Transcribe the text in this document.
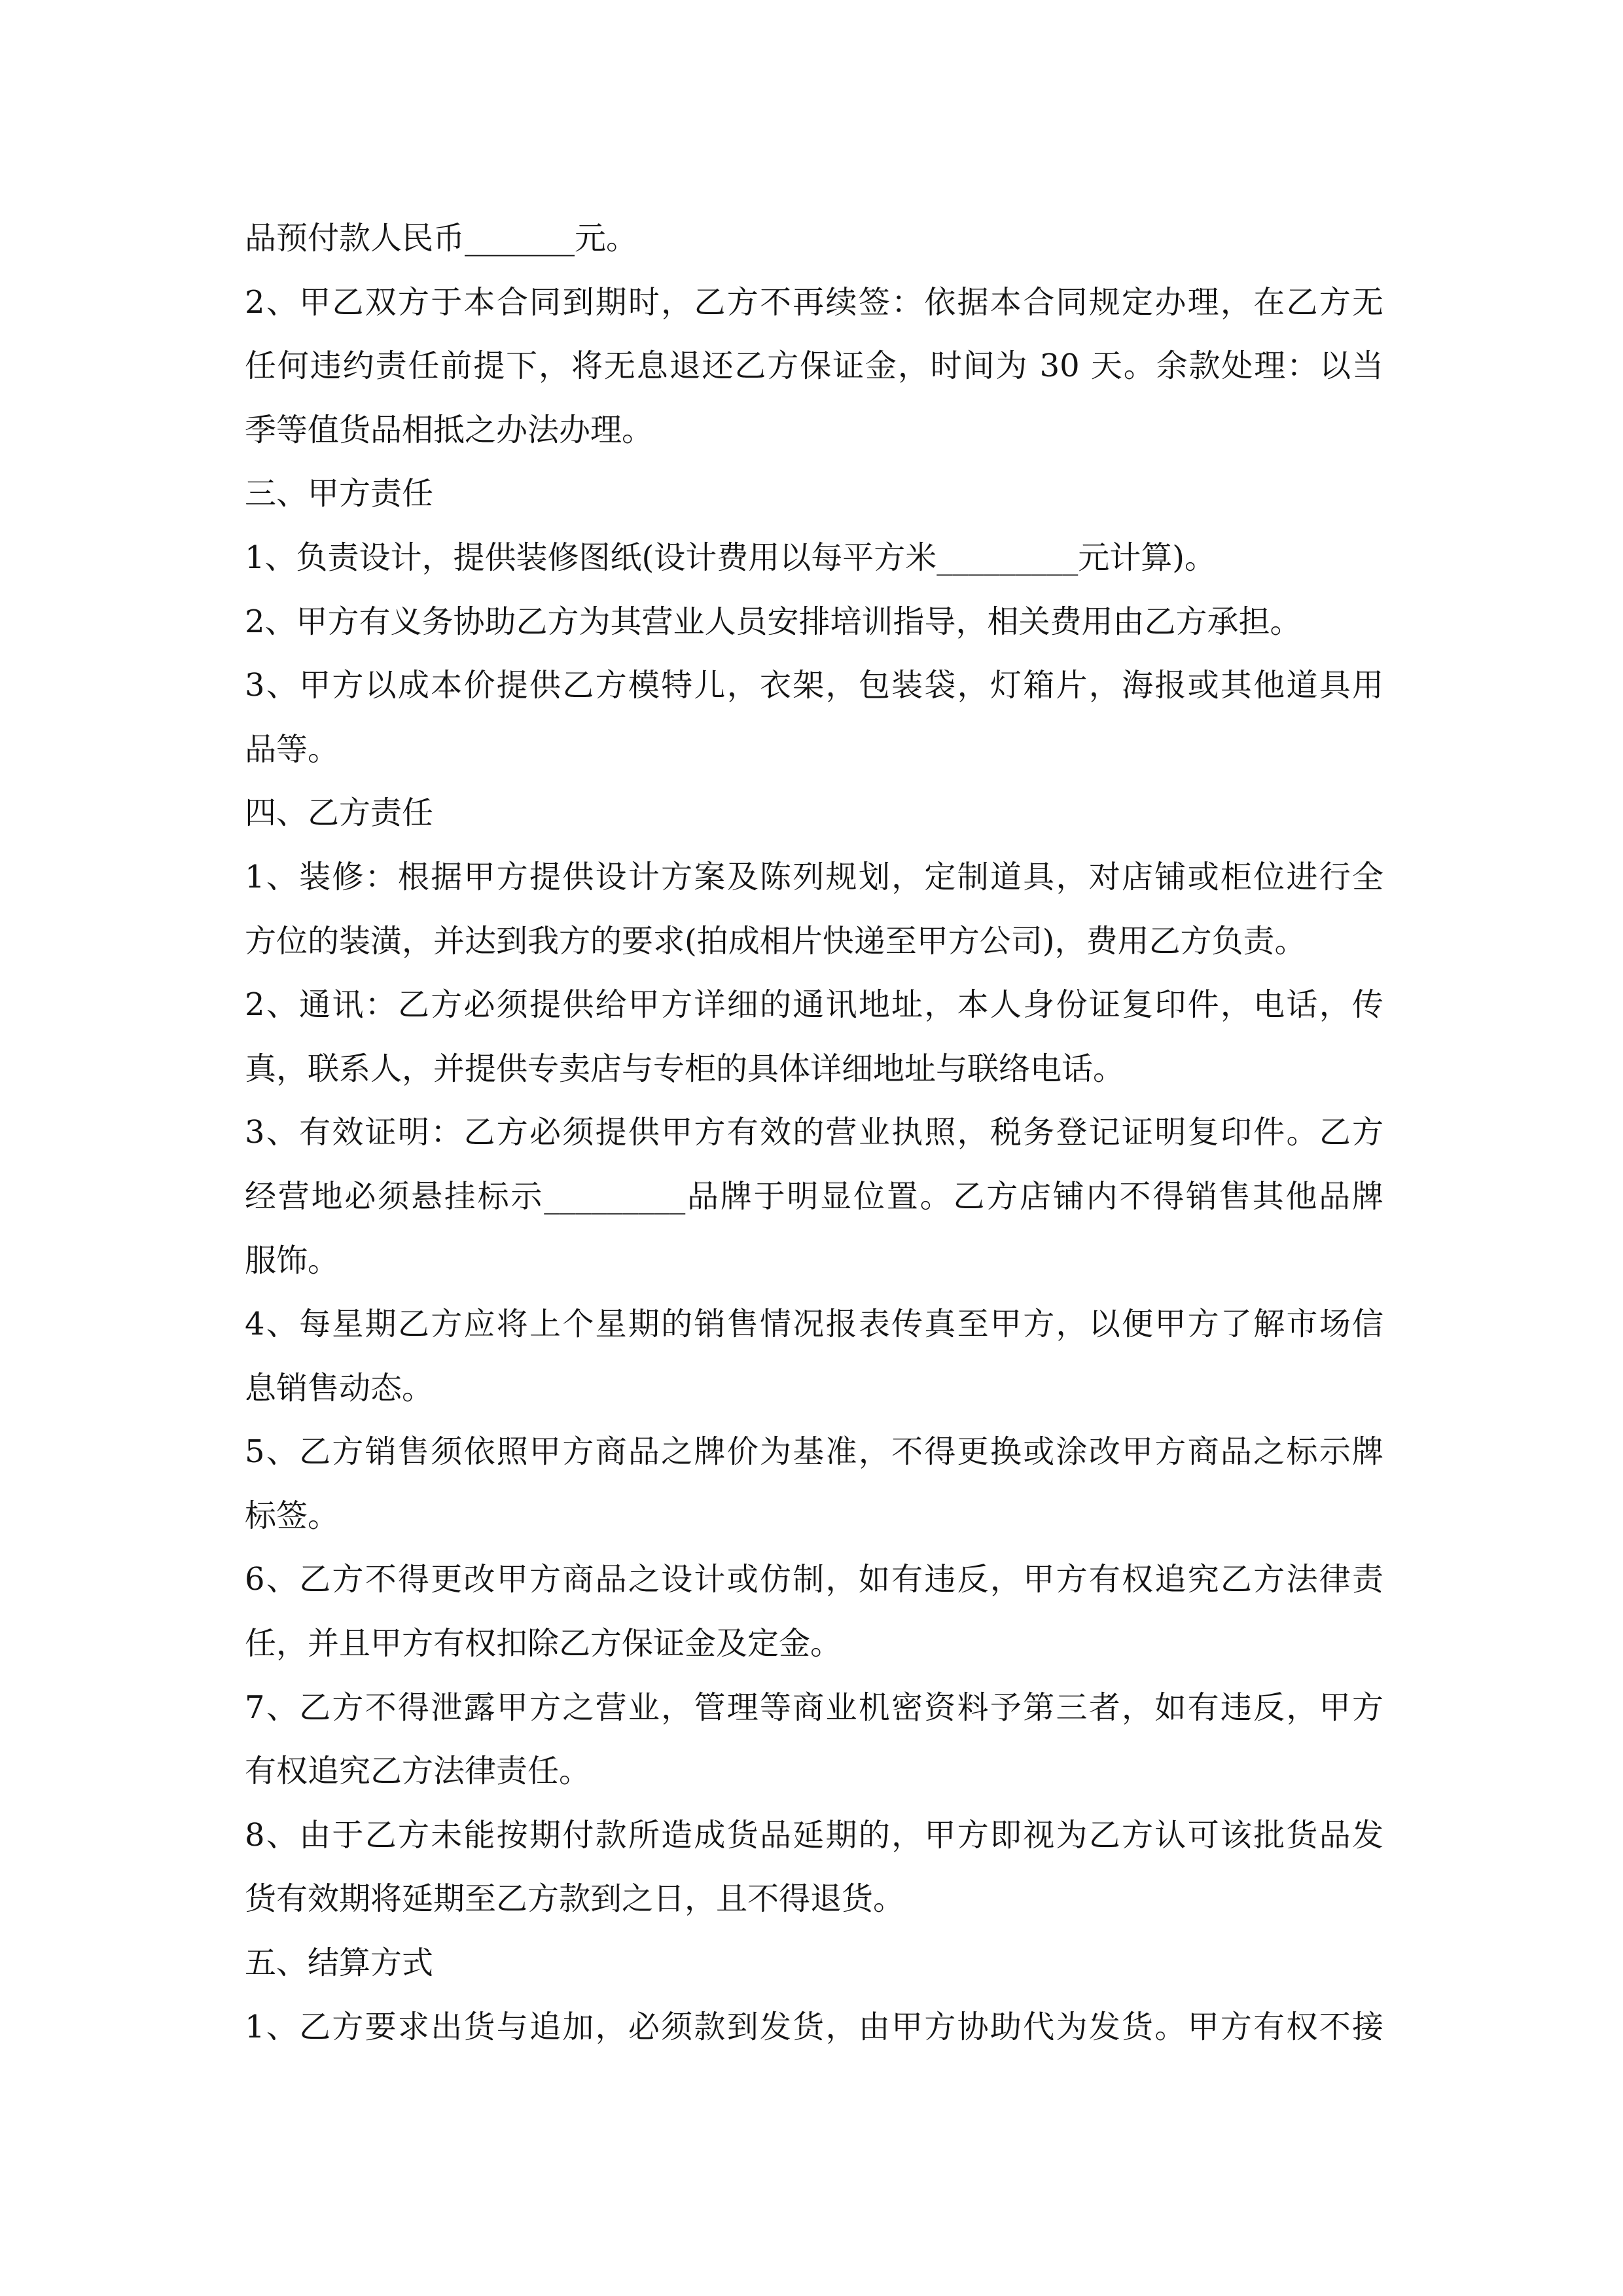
品预付款人民币_______元。
2、甲乙双方于本合同到期时，乙方不再续签：依据本合同规定办理，在乙方无
任何违约责任前提下，将无息退还乙方保证金，时间为 30 天。余款处理：以当
季等值货品相抵之办法办理。
三、甲方责任
1、负责设计，提供装修图纸(设计费用以每平方米_________元计算)。
2、甲方有义务协助乙方为其营业人员安排培训指导，相关费用由乙方承担。
3、甲方以成本价提供乙方模特儿，衣架，包装袋，灯箱片，海报或其他道具用
品等。
四、乙方责任
1、装修：根据甲方提供设计方案及陈列规划，定制道具，对店铺或柜位进行全
方位的装潢，并达到我方的要求(拍成相片快递至甲方公司)，费用乙方负责。
2、通讯：乙方必须提供给甲方详细的通讯地址，本人身份证复印件，电话，传
真，联系人，并提供专卖店与专柜的具体详细地址与联络电话。
3、有效证明：乙方必须提供甲方有效的营业执照，税务登记证明复印件。乙方
经营地必须悬挂标示_________品牌于明显位置。乙方店铺内不得销售其他品牌
服饰。
4、每星期乙方应将上个星期的销售情况报表传真至甲方，以便甲方了解市场信
息销售动态。
5、乙方销售须依照甲方商品之牌价为基准，不得更换或涂改甲方商品之标示牌
标签。
6、乙方不得更改甲方商品之设计或仿制，如有违反，甲方有权追究乙方法律责
任，并且甲方有权扣除乙方保证金及定金。
7、乙方不得泄露甲方之营业，管理等商业机密资料予第三者，如有违反，甲方
有权追究乙方法律责任。
8、由于乙方未能按期付款所造成货品延期的，甲方即视为乙方认可该批货品发
货有效期将延期至乙方款到之日，且不得退货。
五、结算方式
1、乙方要求出货与追加，必须款到发货，由甲方协助代为发货。甲方有权不接
